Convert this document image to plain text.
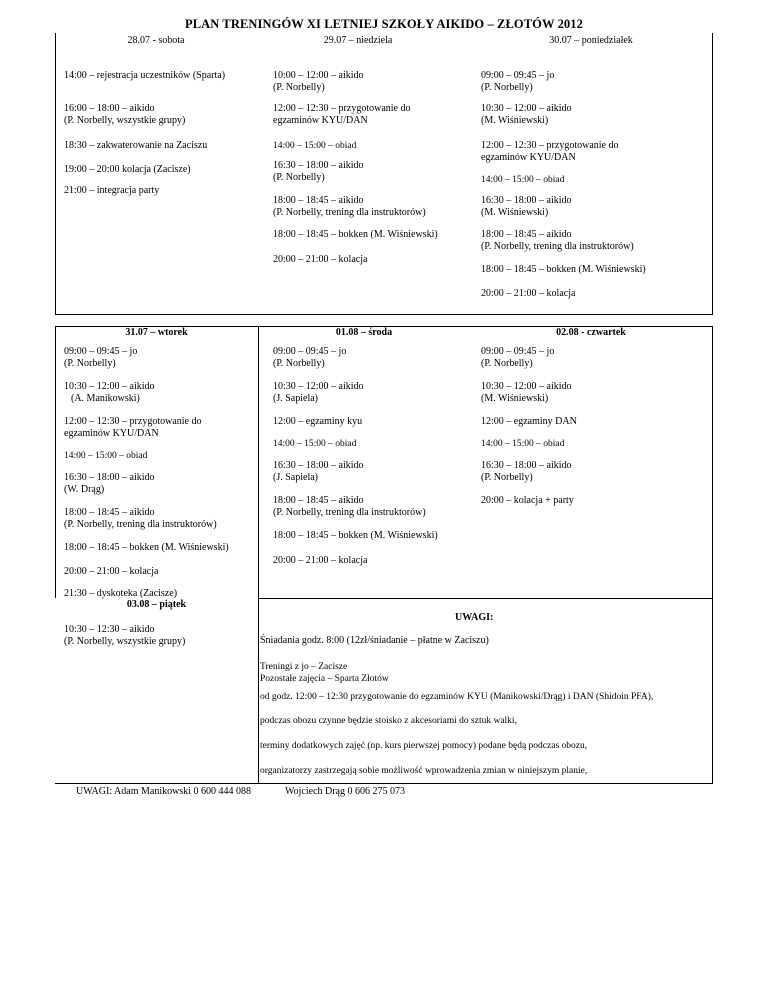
PLAN TRENINGÓW XI LETNIEJ SZKOŁY AIKIDO – ZŁOTÓW 2012
28.07 - sobota
14:00 – rejestracja uczestników (Sparta)
16:00 – 18:00 – aikido
(P. Norbelly, wszystkie grupy)
18:30 – zakwaterowanie na Zaciszu
19:00 – 20:00 kolacja (Zacisze)
21:00 – integracja party
29.07 – niedziela
10:00 – 12:00 – aikido
(P. Norbelly)
12:00 – 12:30 – przygotowanie do
egzaminów KYU/DAN
14:00 – 15:00 – obiad
16:30 – 18:00 – aikido
(P. Norbelly)
18:00 – 18:45 – aikido
(P. Norbelly, trening dla instruktorów)
18:00 – 18:45 – bokken (M. Wiśniewski)
20:00 – 21:00 – kolacja
30.07 – poniedziałek
09:00 – 09:45 – jo
(P. Norbelly)
10:30 – 12:00 – aikido
(M. Wiśniewski)
12:00 – 12:30 – przygotowanie do
egzaminów KYU/DAN
14:00 – 15:00 – obiad
16:30 – 18:00 – aikido
(M. Wiśniewski)
18:00 – 18:45 – aikido
(P. Norbelly, trening dla instruktorów)
18:00 – 18:45 – bokken (M. Wiśniewski)
20:00 – 21:00 – kolacja
31.07 – wtorek
09:00 – 09:45 – jo
(P. Norbelly)
10:30 – 12:00 – aikido
(A. Manikowski)
12:00 – 12:30 – przygotowanie do
egzaminów KYU/DAN
14:00 – 15:00 – obiad
16:30 – 18:00 – aikido
(W. Drąg)
18:00 – 18:45 – aikido
(P. Norbelly, trening dla instruktorów)
18:00 – 18:45 – bokken (M. Wiśniewski)
20:00 – 21:00 – kolacja
21:30 – dyskoteka (Zacisze)
01.08 – środa
09:00 – 09:45 – jo
(P. Norbelly)
10:30 – 12:00 – aikido
(J. Sapiela)
12:00 – egzaminy kyu
14:00 – 15:00 – obiad
16:30 – 18:00 – aikido
(J. Sapiela)
18:00 – 18:45 – aikido
(P. Norbelly, trening dla instruktorów)
18:00 – 18:45 – bokken (M. Wiśniewski)
20:00 – 21:00 – kolacja
02.08 - czwartek
09:00 – 09:45 – jo
(P. Norbelly)
10:30 – 12:00 – aikido
(M. Wiśniewski)
12:00 – egzaminy DAN
14:00 – 15:00 – obiad
16:30 – 18:00 – aikido
(P. Norbelly)
20:00 – kolacja + party
03.08 – piątek
10:30 – 12:30 – aikido
(P. Norbelly, wszystkie grupy)
UWAGI:
Śniadania godz. 8:00 (12zł/śniadanie – płatne w Zaciszu)
Treningi z jo – Zacisze
Pozostałe zajęcia – Sparta Złotów
od godz. 12:00 – 12:30 przygotowanie do egzaminów KYU (Manikowski/Drąg) i DAN (Shidoin PFA),
podczas obozu czynne będzie stoisko z akcesoriami do sztuk walki,
terminy dodatkowych zajęć (np. kurs pierwszej pomocy) podane będą podczas obozu,
organizatorzy zastrzegają sobie możliwość wprowadzenia zmian w niniejszym planie,
UWAGI: Adam Manikowski 0 600 444 088	Wojciech Drąg 0 606 275 073
